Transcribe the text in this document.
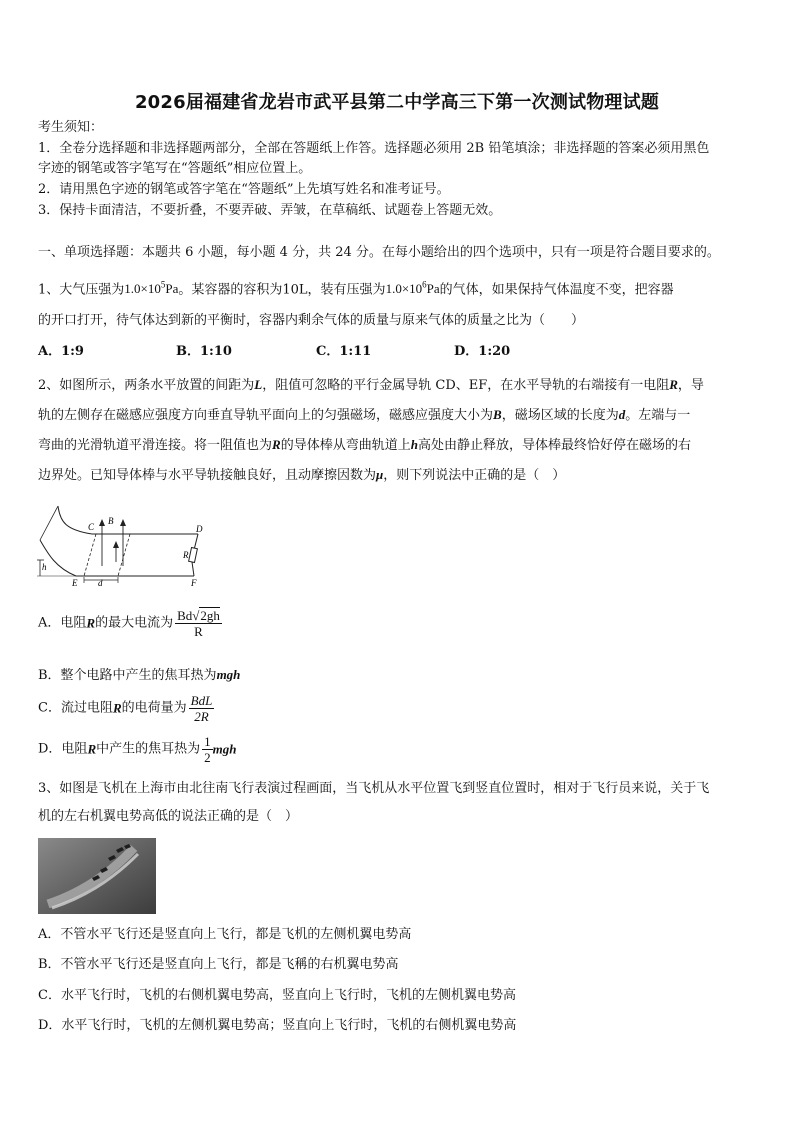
2026届福建省龙岩市武平县第二中学高三下第一次测试物理试题
考生须知：
1．全卷分选择题和非选择题两部分，全部在答题纸上作答。选择题必须用 2B 铅笔填涂；非选择题的答案必须用黑色
字迹的钢笔或答字笔写在“答题纸”相应位置上。
2．请用黑色字迹的钢笔或答字笔在“答题纸”上先填写姓名和准考证号。
3．保持卡面清洁，不要折叠，不要弄破、弄皱，在草稿纸、试题卷上答题无效。
一、单项选择题：本题共 6 小题，每小题 4 分，共 24 分。在每小题给出的四个选项中，只有一项是符合题目要求的。
1、大气压强为$1.0\times 10^5Pa$。某容器的容积为10L，装有压强为$1.0\times 10^6Pa$的气体，如果保持气体温度不变，把容器
的开口打开，待气体达到新的平衡时，容器内剩余气体的质量与原来气体的质量之比为（　　）
A．1:9	B．1:10	C．1:11	D．1:20
2、如图所示，两条水平放置的间距为L，阻值可忽略的平行金属导轨 CD、EF，在水平导轨的右端接有一电阻R，导
轨的左侧存在磁感应强度方向垂直导轨平面向上的匀强磁场，磁感应强度大小为B，磁场区域的长度为d。左端与一
弯曲的光滑轨道平滑连接。将一阻值也为R的导体棒从弯曲轨道上h高处由静止释放，导体棒最终恰好停在磁场的右
边界处。已知导体棒与水平导轨接触良好，且动摩擦因数为μ，则下列说法中正确的是（　）
C
B
D
R
h
E d	F
A．电阻R的最大电流为 $\frac{Bd√2gh}{R}$
B．整个电路中产生的焦耳热为mgh
C．流过电阻R的电荷量为 $\frac{\text{BdL}}{2R}$
D．电阻R中产生的焦耳热为 $\frac{1}{2}$ mgh
3、如图是飞机在上海市由北往南飞行表演过程画面，当飞机从水平位置飞到竖直位置时，相对于飞行员来说，关于飞
机的左右机翼电势高低的说法正确的是（　）
A．不管水平飞行还是竖直向上飞行，都是飞机的左侧机翼电势高
B．不管水平飞行还是竖直向上飞行，都是飞稱的右机翼电势高
C．水平飞行时，飞机的右侧机翼电势高，竖直向上飞行时，飞机的左侧机翼电势高
D．水平飞行时，飞机的左侧机翼电势高；竖直向上飞行时，飞机的右侧机翼电势高
